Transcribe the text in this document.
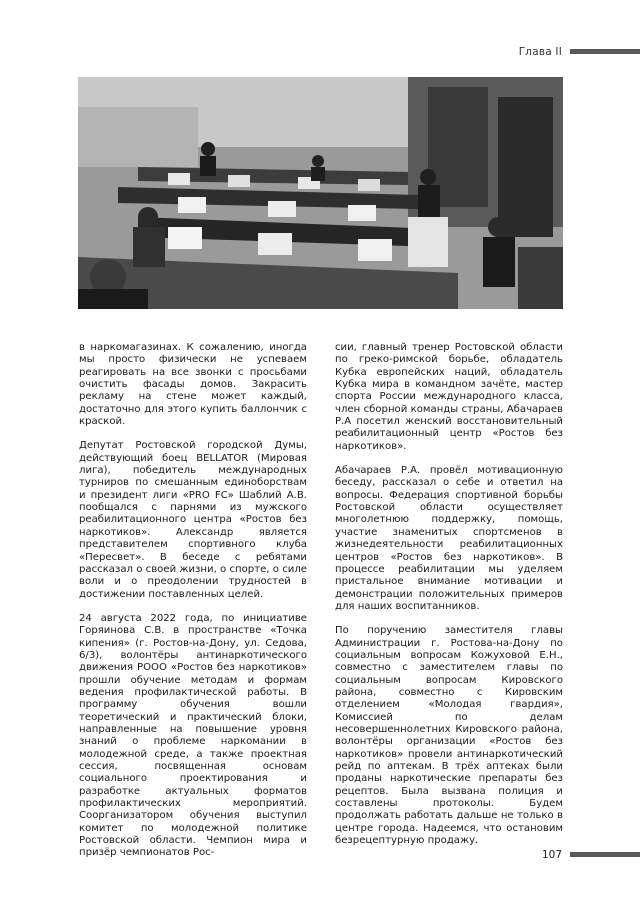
Глава II

в наркомагазинах. К сожалению, иногда мы просто физически не успеваем реагировать на все звонки с просьбами очистить фасады домов. Закрасить рекламу на стене может каждый, достаточно для этого купить баллончик с краской.

Депутат Ростовской городской Думы, действующий боец BELLATOR (Мировая лига), победитель международных турниров по смешанным единоборствам и президент лиги «PRO FC» Шаблий А.В. пообщался с парнями из мужского реабилитационного центра «Ростов без наркотиков». Александр является представителем спортивного клуба «Пересвет». В беседе с ребятами рассказал о своей жизни, о спорте, о силе воли и о преодолении трудностей в достижении поставленных целей.

24 августа 2022 года, по инициативе Горяинова С.В. в пространстве «Точка кипения» (г. Ростов-на-Дону, ул. Седова, 6/3), волонтёры антинаркотического движения РООО «Ростов без наркотиков» прошли обучение методам и формам ведения профилактической работы. В программу обучения вошли теоретический и практический блоки, направленные на повышение уровня знаний о проблеме наркомании в молодежной среде, а также проектная сессия, посвященная основам социального проектирования и разработке актуальных форматов профилактических мероприятий. Соорганизатором обучения выступил комитет по молодежной политике Ростовской области. Чемпион мира и призёр чемпионатов Рос-

сии, главный тренер Ростовской области по греко-римской борьбе, обладатель Кубка европейских наций, обладатель Кубка мира в командном зачёте, мастер спорта России международного класса, член сборной команды страны, Абачараев Р.А посетил женский восстановительный реабилитационный центр «Ростов без наркотиков».

Абачараев Р.А. провёл мотивационную беседу, рассказал о себе и ответил на вопросы. Федерация спортивной борьбы Ростовской области осуществляет многолетнюю поддержку, помощь, участие знаменитых спортсменов в жизнедеятельности реабилитационных центров «Ростов без наркотиков». В процессе реабилитации мы уделяем пристальное внимание мотивации и демонстрации положительных примеров для наших воспитанников.

По поручению заместителя главы Администрации г. Ростова-на-Дону по социальным вопросам Кожуховой Е.Н., совместно с заместителем главы по социальным вопросам Кировского района, совместно с Кировским отделением «Молодая гвардия», Комиссией по делам несовершеннолетних Кировского района, волонтёры организации «Ростов без наркотиков» провели антинаркотический рейд по аптекам. В трёх аптеках были проданы наркотические препараты без рецептов. Была вызвана полиция и составлены протоколы. Будем продолжать работать дальше не только в центре города. Надеемся, что остановим безрецептурную продажу.

107
